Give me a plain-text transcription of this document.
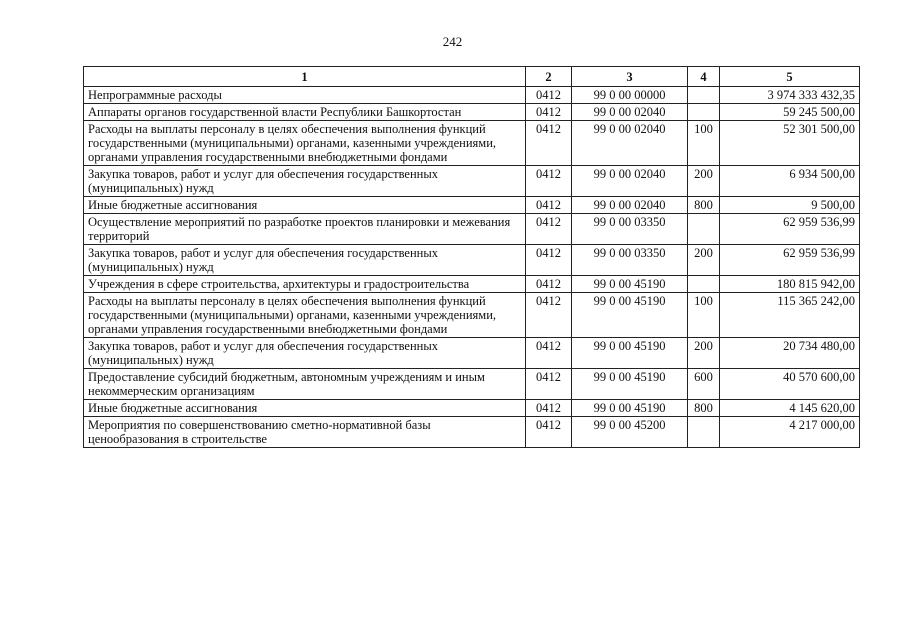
242
1	2	3	4	5
Непрограммные расходы	0412	99 0 00 00000		3 974 333 432,35
Аппараты органов государственной власти Республики Башкортостан	0412	99 0 00 02040		59 245 500,00
Расходы на выплаты персоналу в целях обеспечения выполнения функций государственными (муниципальными) органами, казенными учреждениями, органами управления государственными внебюджетными фондами	0412	99 0 00 02040	100	52 301 500,00
Закупка товаров, работ и услуг для обеспечения государственных (муниципальных) нужд	0412	99 0 00 02040	200	6 934 500,00
Иные бюджетные ассигнования	0412	99 0 00 02040	800	9 500,00
Осуществление мероприятий по разработке проектов планировки и межевания территорий	0412	99 0 00 03350		62 959 536,99
Закупка товаров, работ и услуг для обеспечения государственных (муниципальных) нужд	0412	99 0 00 03350	200	62 959 536,99
Учреждения в сфере строительства, архитектуры и градостроительства	0412	99 0 00 45190		180 815 942,00
Расходы на выплаты персоналу в целях обеспечения выполнения функций государственными (муниципальными) органами, казенными учреждениями, органами управления государственными внебюджетными фондами	0412	99 0 00 45190	100	115 365 242,00
Закупка товаров, работ и услуг для обеспечения государственных (муниципальных) нужд	0412	99 0 00 45190	200	20 734 480,00
Предоставление субсидий бюджетным, автономным учреждениям и иным некоммерческим организациям	0412	99 0 00 45190	600	40 570 600,00
Иные бюджетные ассигнования	0412	99 0 00 45190	800	4 145 620,00
Мероприятия по совершенствованию сметно-нормативной базы ценообразования в строительстве	0412	99 0 00 45200		4 217 000,00
